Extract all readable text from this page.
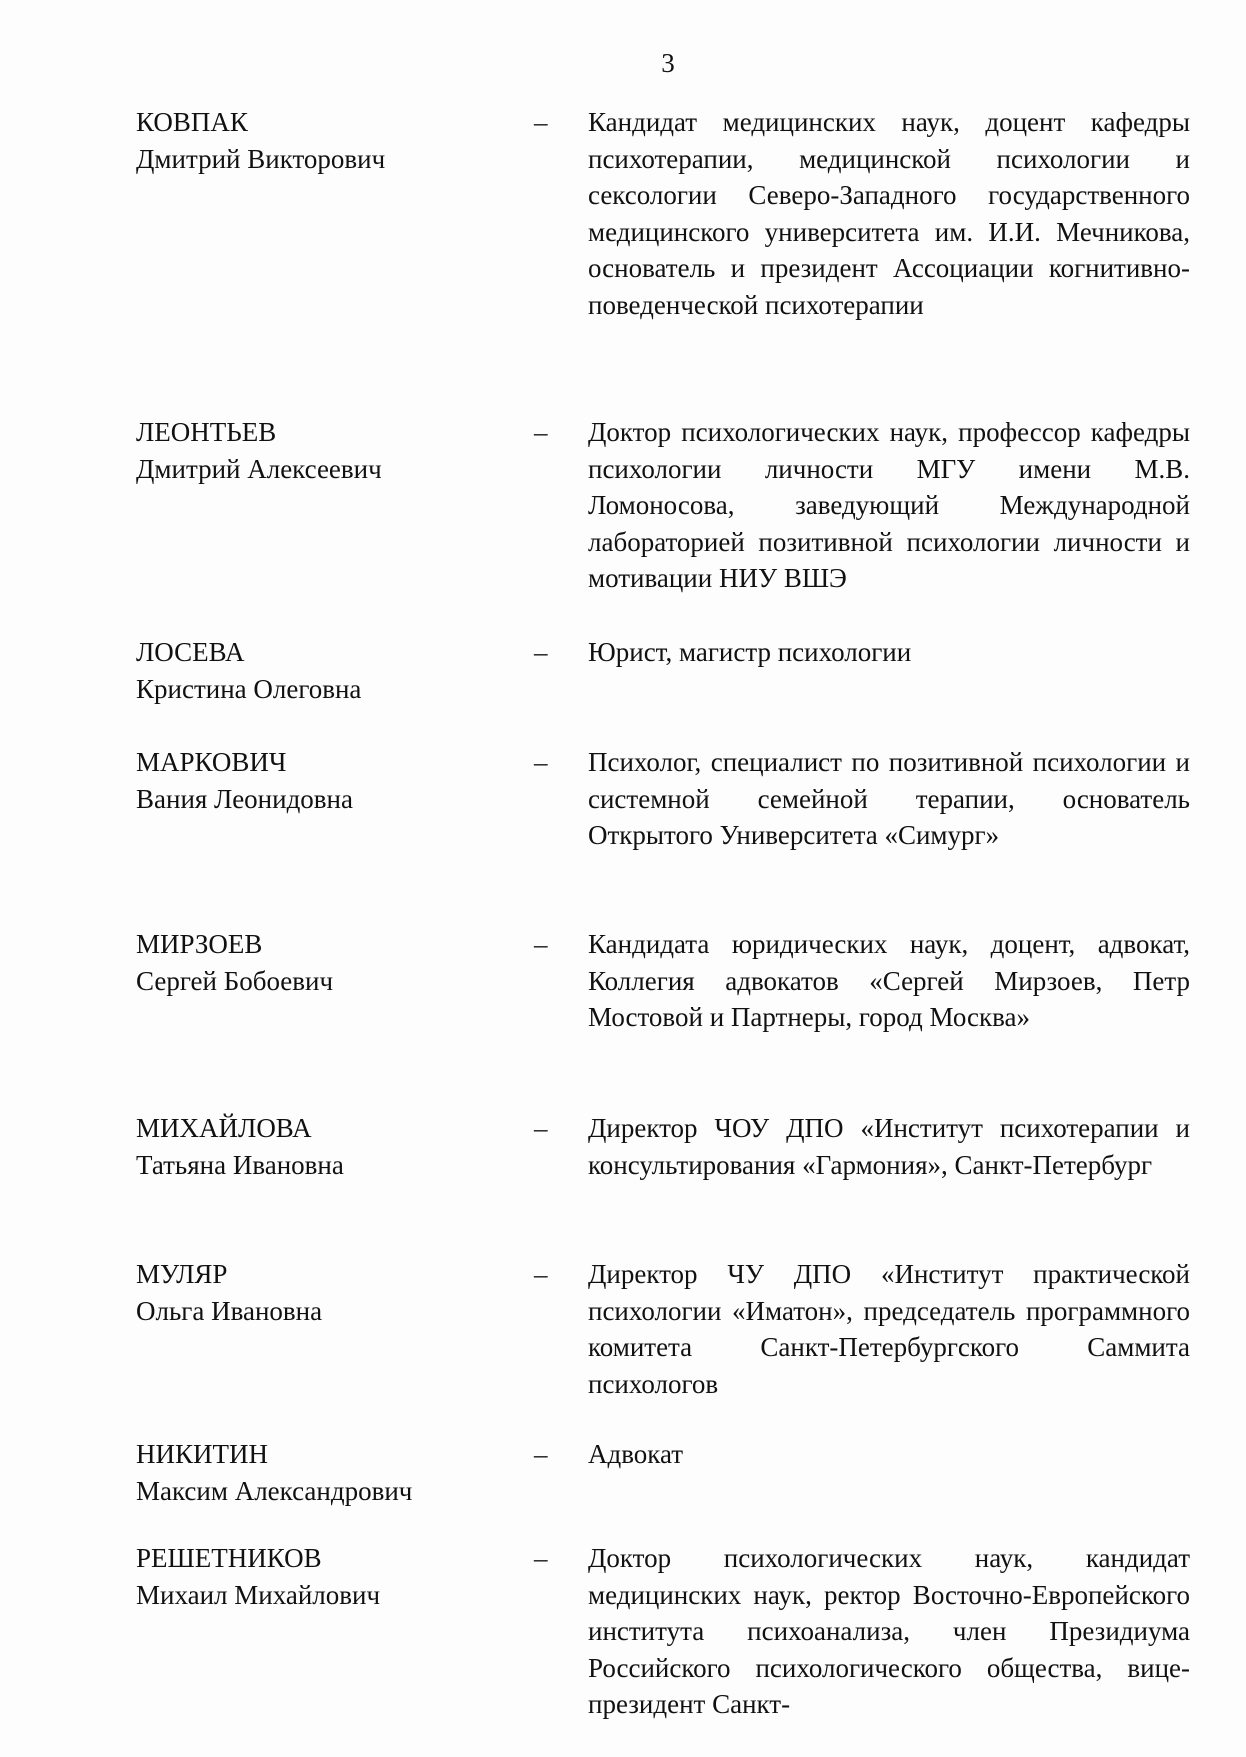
3
КОВПАК
Дмитрий Викторович
– Кандидат медицинских наук, доцент кафедры психотерапии, медицинской психологии и сексологии Северо-Западного государственного медицинского университета им. И.И. Мечникова, основатель и президент Ассоциации когнитивно-поведенческой психотерапии
ЛЕОНТЬЕВ
Дмитрий Алексеевич
– Доктор психологических наук, профессор кафедры психологии личности МГУ имени М.В. Ломоносова, заведующий Международной лабораторией позитивной психологии личности и мотивации НИУ ВШЭ
ЛОСЕВА
Кристина Олеговна
– Юрист, магистр психологии
МАРКОВИЧ
Вания Леонидовна
– Психолог, специалист по позитивной психологии и системной семейной терапии, основатель Открытого Университета «Симург»
МИРЗОЕВ
Сергей Бобоевич
– Кандидата юридических наук, доцент, адвокат, Коллегия адвокатов «Сергей Мирзоев, Петр Мостовой и Партнеры, город Москва»
МИХАЙЛОВА
Татьяна Ивановна
– Директор ЧОУ ДПО «Институт психотерапии и консультирования «Гармония», Санкт-Петербург
МУЛЯР
Ольга Ивановна
– Директор ЧУ ДПО «Институт практической психологии «Иматон», председатель программного комитета Санкт-Петербургского Саммита психологов
НИКИТИН
Максим Александрович
– Адвокат
РЕШЕТНИКОВ
Михаил Михайлович
– Доктор психологических наук, кандидат медицинских наук, ректор Восточно-Европейского института психоанализа, член Президиума Российского психологического общества, вице-президент Санкт-
